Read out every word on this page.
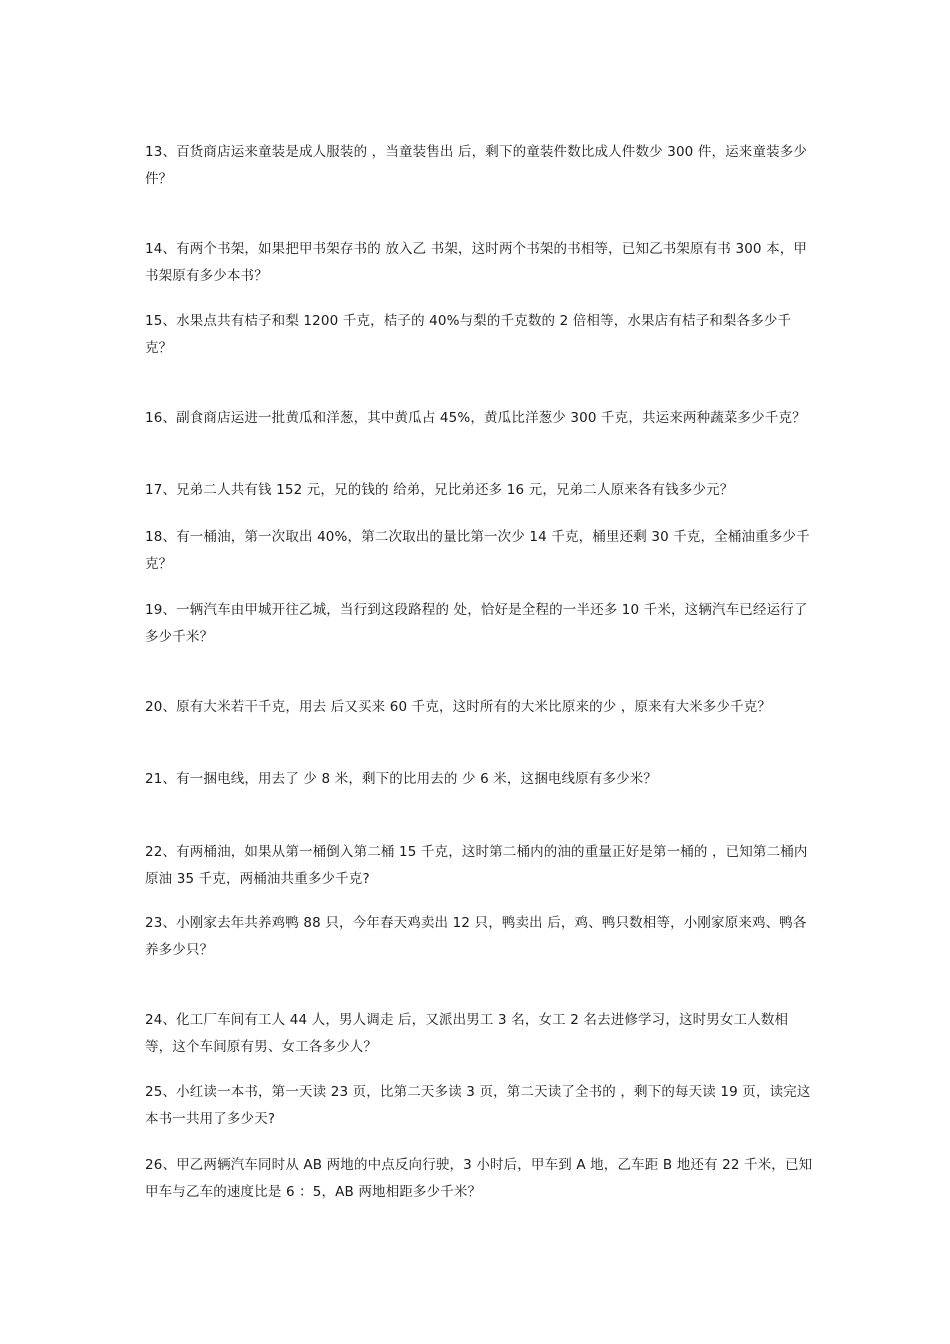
13、百货商店运来童装是成人服装的 ，当童装售出 后，剩下的童装件数比成人件数少 300 件，运来童装多少件？

14、有两个书架，如果把甲书架存书的 放入乙 书架，这时两个书架的书相等，已知乙书架原有书 300 本，甲书架原有多少本书？

15、水果点共有桔子和梨 1200 千克，桔子的 40%与梨的千克数的 2 倍相等，水果店有桔子和梨各多少千克？

16、副食商店运进一批黄瓜和洋葱，其中黄瓜占 45%，黄瓜比洋葱少 300 千克，共运来两种蔬菜多少千克？

17、兄弟二人共有钱 152 元，兄的钱的 给弟，兄比弟还多 16 元，兄弟二人原来各有钱多少元？

18、有一桶油，第一次取出 40%，第二次取出的量比第一次少 14 千克，桶里还剩 30 千克，全桶油重多少千克？

19、一辆汽车由甲城开往乙城，当行到这段路程的 处，恰好是全程的一半还多 10 千米，这辆汽车已经运行了多少千米？

20、原有大米若干千克，用去 后又买来 60 千克，这时所有的大米比原来的少 ，原来有大米多少千克？

21、有一捆电线，用去了 少 8 米，剩下的比用去的 少 6 米，这捆电线原有多少米？

22、有两桶油，如果从第一桶倒入第二桶 15 千克，这时第二桶内的油的重量正好是第一桶的 ，已知第二桶内原油 35 千克，两桶油共重多少千克?

23、小刚家去年共养鸡鸭 88 只，今年春天鸡卖出 12 只，鸭卖出 后，鸡、鸭只数相等，小刚家原来鸡、鸭各养多少只？

24、化工厂车间有工人 44 人，男人调走 后，又派出男工 3 名，女工 2 名去进修学习，这时男女工人数相等，这个车间原有男、女工各多少人？

25、小红读一本书，第一天读 23 页，比第二天多读 3 页，第二天读了全书的 ，剩下的每天读 19 页，读完这本书一共用了多少天?

26、甲乙两辆汽车同时从 AB 两地的中点反向行驶，3 小时后，甲车到 A 地，乙车距 B 地还有 22 千米，已知甲车与乙车的速度比是 6 ：5，AB 两地相距多少千米？
